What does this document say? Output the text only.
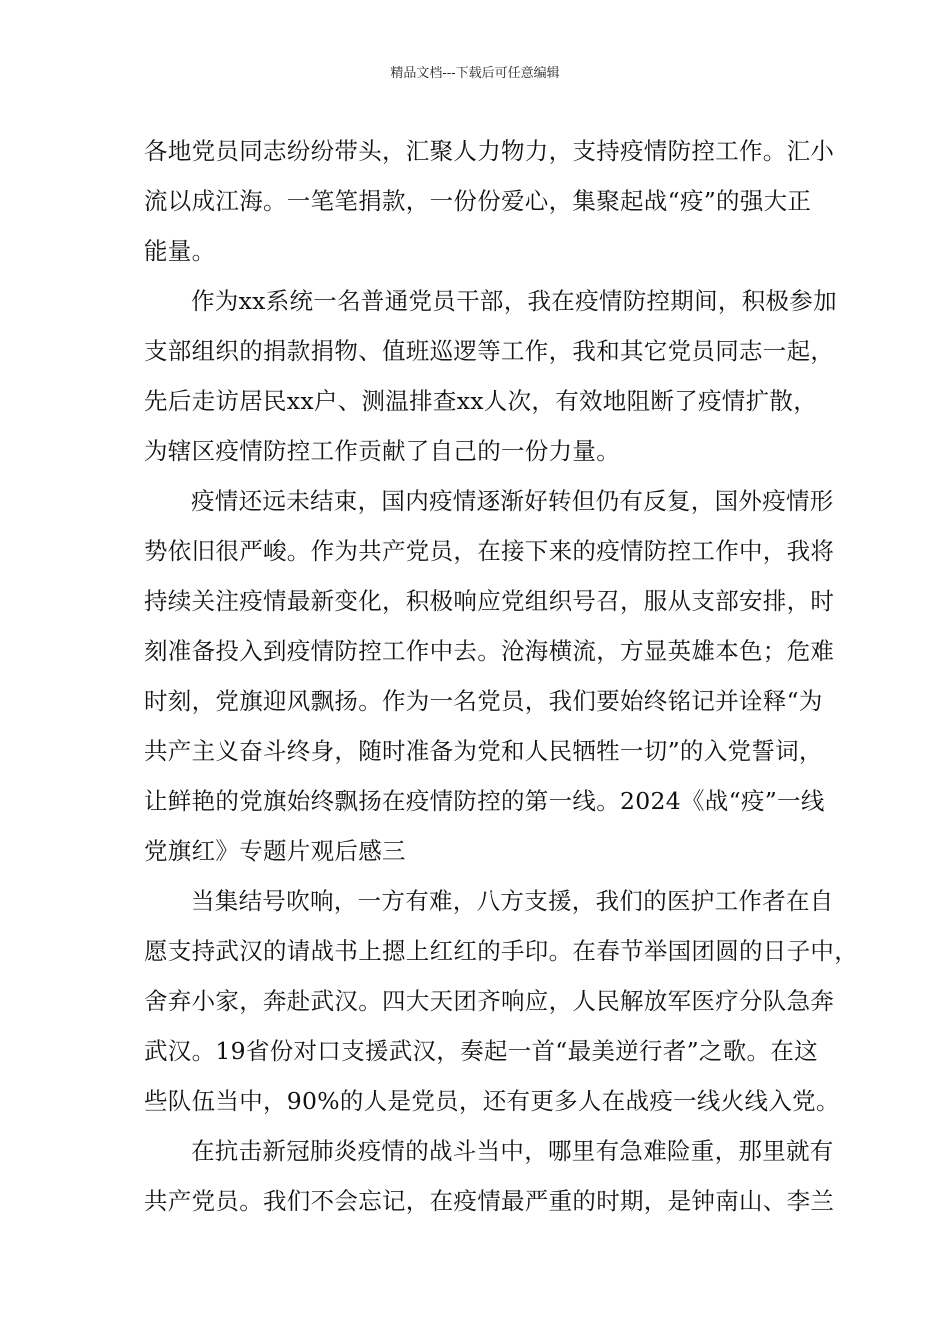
精品文档---下载后可任意编辑

各地党员同志纷纷带头，汇聚人力物力，支持疫情防控工作。汇小
流以成江海。一笔笔捐款，一份份爱心，集聚起战“疫”的强大正
能量。

作为xx系统一名普通党员干部，我在疫情防控期间，积极参加
支部组织的捐款捐物、值班巡逻等工作，我和其它党员同志一起，
先后走访居民xx户、测温排查xx人次，有效地阻断了疫情扩散，
为辖区疫情防控工作贡献了自己的一份力量。

疫情还远未结束，国内疫情逐渐好转但仍有反复，国外疫情形
势依旧很严峻。作为共产党员，在接下来的疫情防控工作中，我将
持续关注疫情最新变化，积极响应党组织号召，服从支部安排，时
刻准备投入到疫情防控工作中去。沧海横流，方显英雄本色；危难
时刻，党旗迎风飘扬。作为一名党员，我们要始终铭记并诠释“为
共产主义奋斗终身，随时准备为党和人民牺牲一切”的入党誓词，
让鲜艳的党旗始终飘扬在疫情防控的第一线。2024《战“疫”一线
党旗红》专题片观后感三

当集结号吹响，一方有难，八方支援，我们的医护工作者在自
愿支持武汉的请战书上摁上红红的手印。在春节举国团圆的日子中，
舍弃小家，奔赴武汉。四大天团齐响应，人民解放军医疗分队急奔
武汉。19省份对口支援武汉，奏起一首“最美逆行者”之歌。在这
些队伍当中，90%的人是党员，还有更多人在战疫一线火线入党。

在抗击新冠肺炎疫情的战斗当中，哪里有急难险重，那里就有
共产党员。我们不会忘记，在疫情最严重的时期，是钟南山、李兰
